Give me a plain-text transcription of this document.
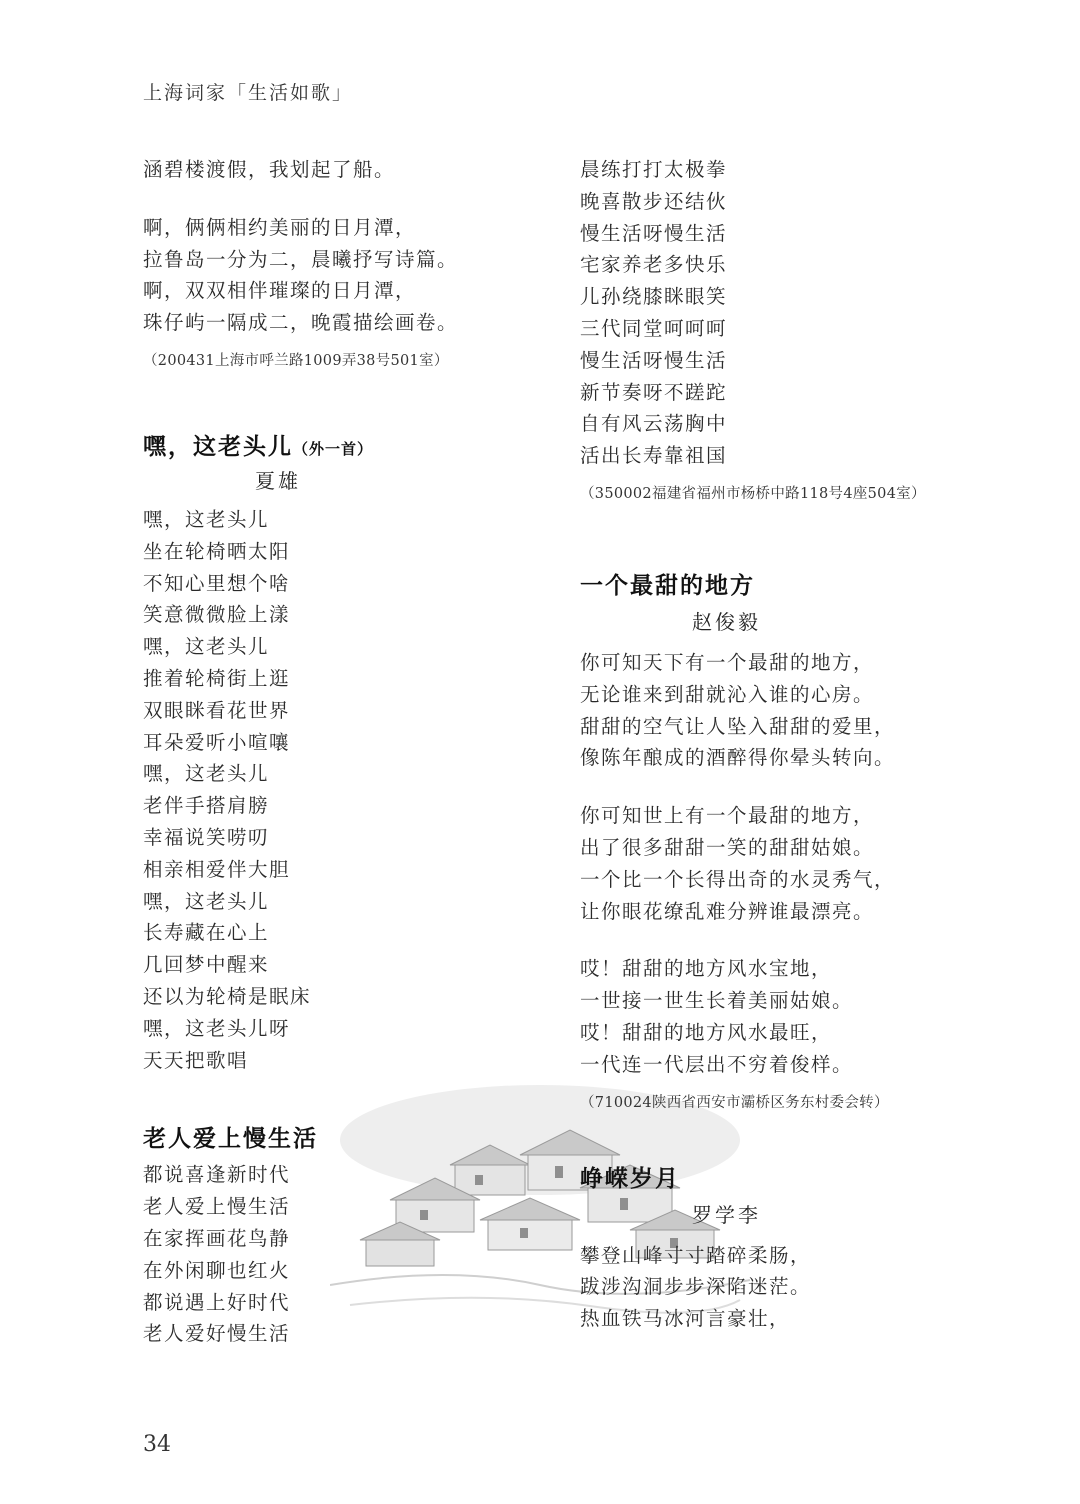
上海词家「生活如歌」
涵碧楼渡假，我划起了船。
啊，俩俩相约美丽的日月潭，
拉鲁岛一分为二，晨曦抒写诗篇。
啊，双双相伴璀璨的日月潭，
珠仔屿一隔成二，晚霞描绘画卷。
（200431上海市呼兰路1009弄38号501室）
嘿，这老头儿（外一首）
夏雄
嘿，这老头儿
坐在轮椅晒太阳
不知心里想个啥
笑意微微脸上漾
嘿，这老头儿
推着轮椅街上逛
双眼眯看花世界
耳朵爱听小喧嚷
嘿，这老头儿
老伴手搭肩膀
幸福说笑唠叨
相亲相爱伴大胆
嘿，这老头儿
长寿藏在心上
几回梦中醒来
还以为轮椅是眠床
嘿，这老头儿呀
天天把歌唱
老人爱上慢生活
都说喜逢新时代
老人爱上慢生活
在家挥画花鸟静
在外闲聊也红火
都说遇上好时代
老人爱好慢生活
晨练打打太极拳
晚喜散步还结伙
慢生活呀慢生活
宅家养老多快乐
儿孙绕膝眯眼笑
三代同堂呵呵呵
慢生活呀慢生活
新节奏呀不蹉跎
自有风云荡胸中
活出长寿靠祖国
（350002福建省福州市杨桥中路118号4座504室）
一个最甜的地方
赵俊毅
你可知天下有一个最甜的地方，
无论谁来到甜就沁入谁的心房。
甜甜的空气让人坠入甜甜的爱里，
像陈年酿成的酒醉得你晕头转向。
你可知世上有一个最甜的地方，
出了很多甜甜一笑的甜甜姑娘。
一个比一个长得出奇的水灵秀气，
让你眼花缭乱难分辨谁最漂亮。
哎！甜甜的地方风水宝地，
一世接一世生长着美丽姑娘。
哎！甜甜的地方风水最旺，
一代连一代层出不穷着俊样。
（710024陕西省西安市灞桥区务东村委会转）
峥嵘岁月
罗学李
攀登山峰寸寸踏碎柔肠，
跋涉沟洞步步深陷迷茫。
热血铁马冰河言豪壮，
34
